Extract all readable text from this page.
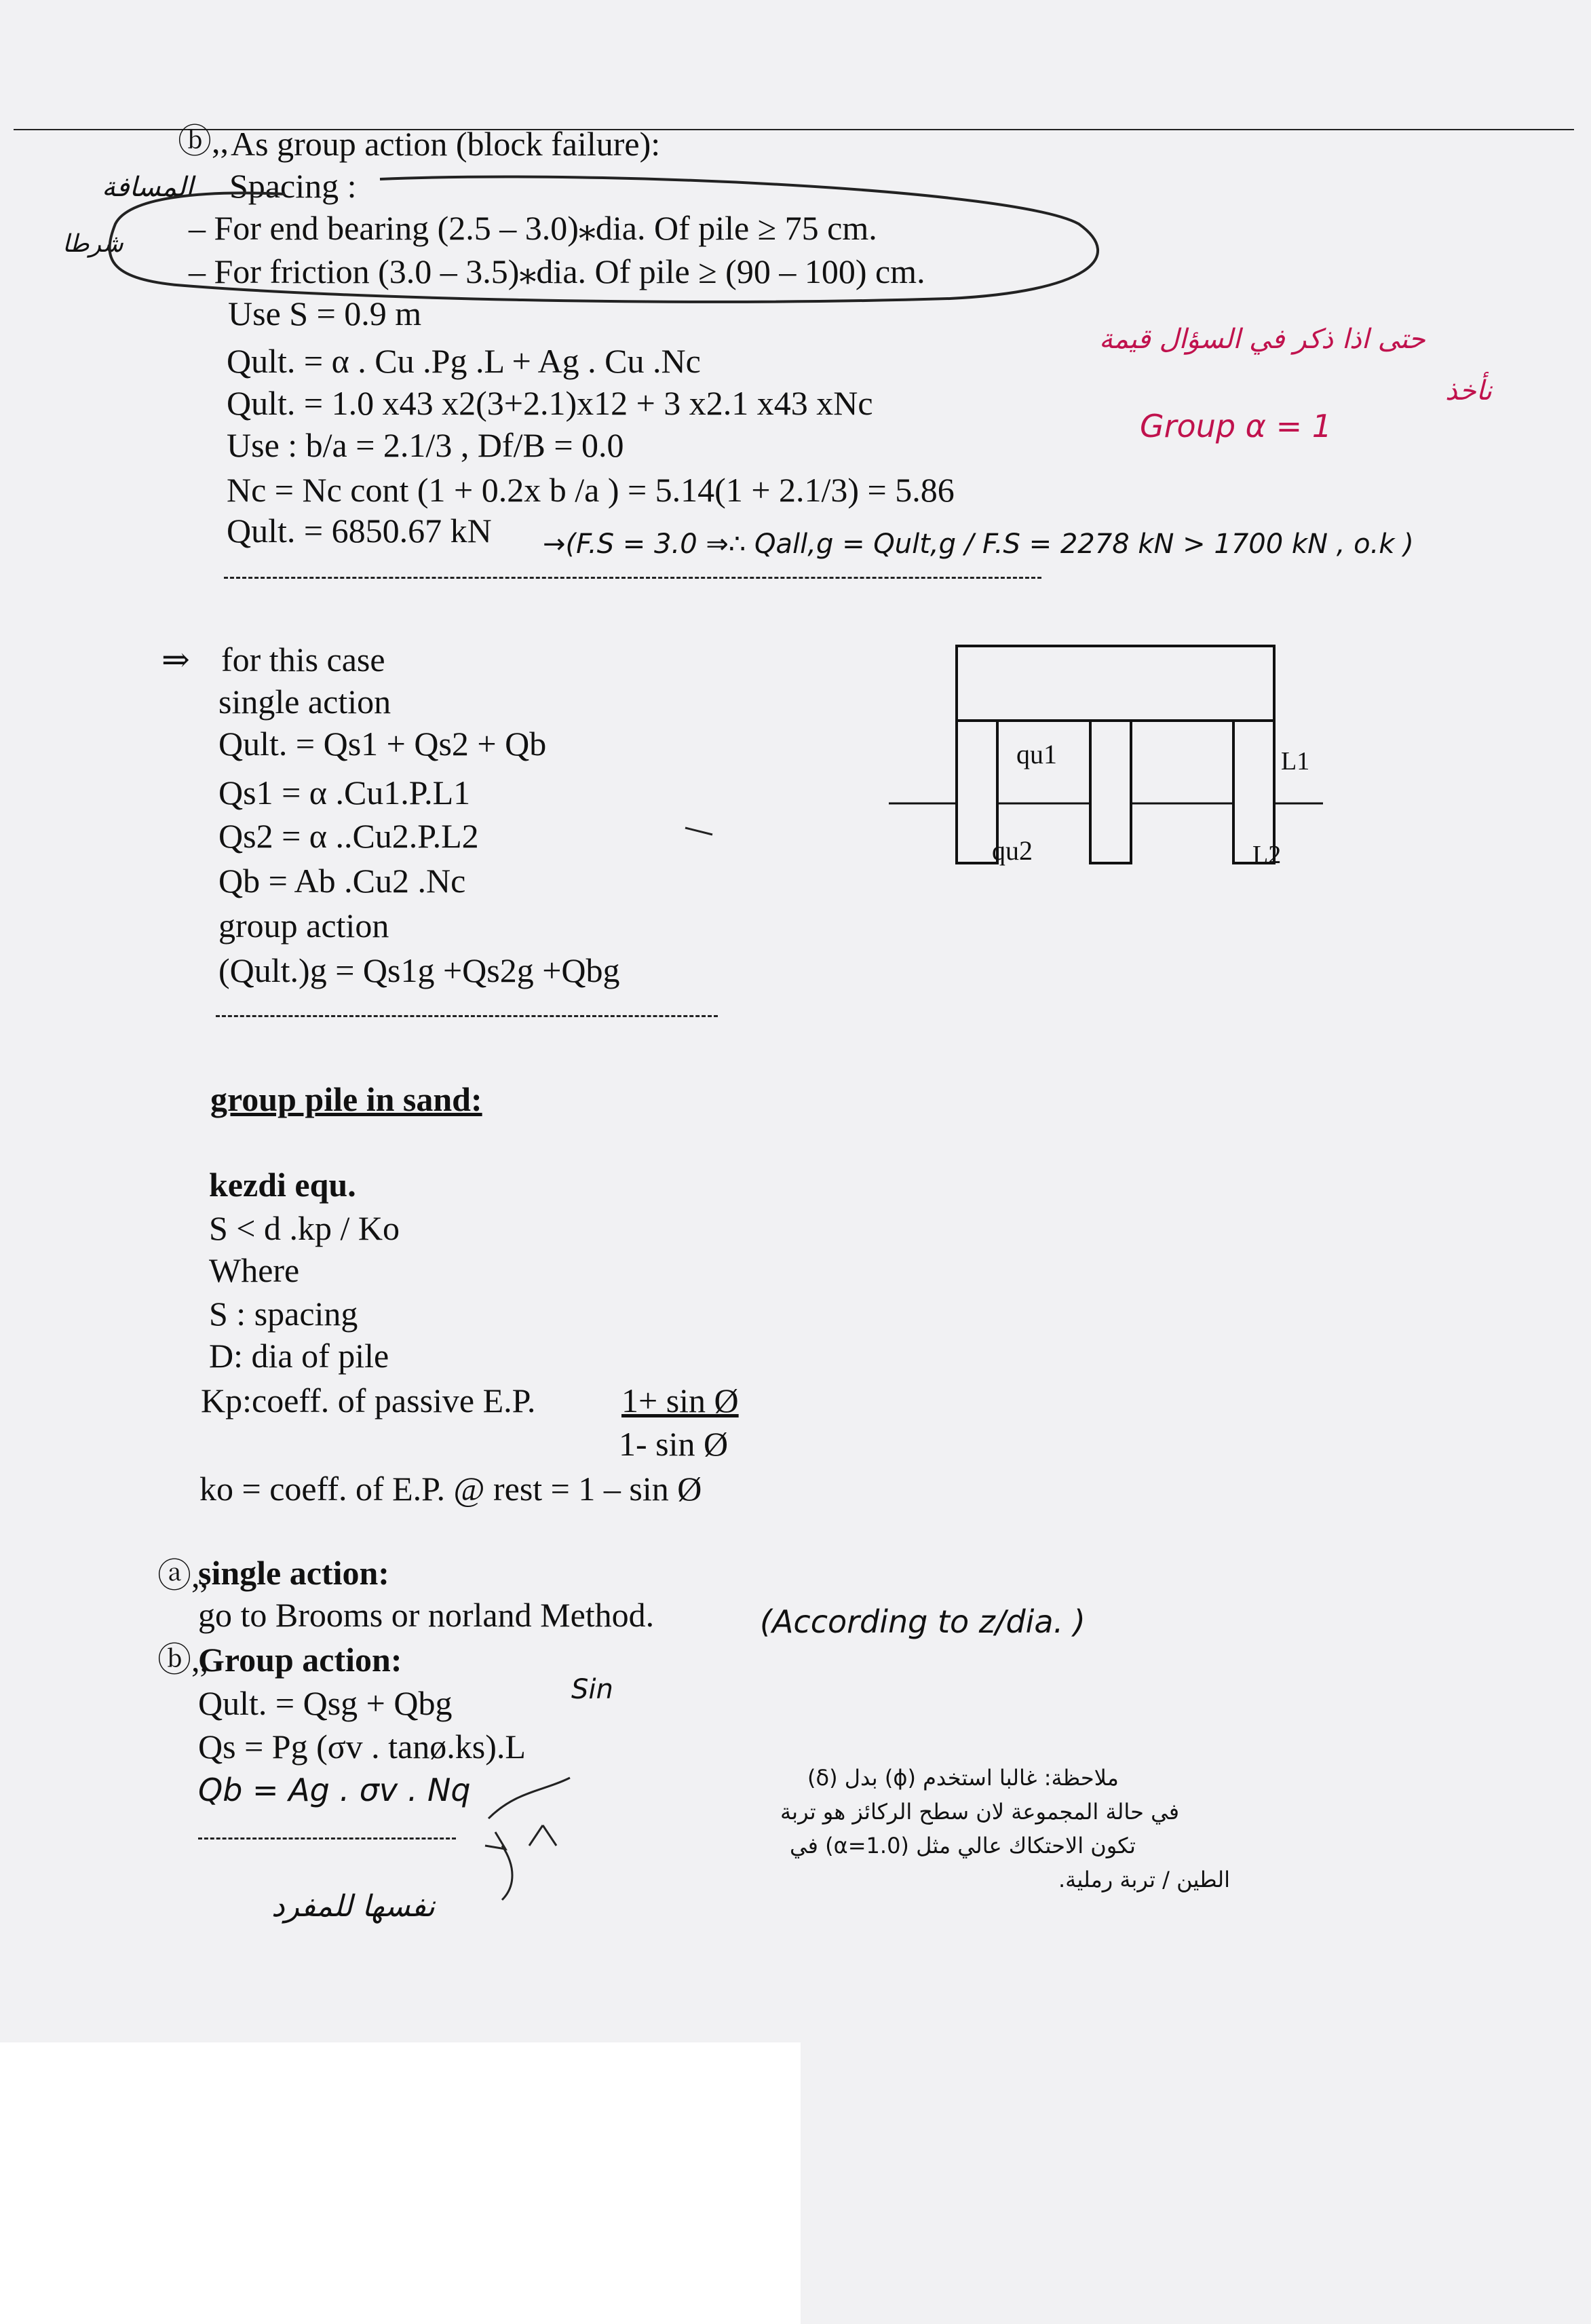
ⓑ,, As group action (block failure):
Spacing :
– For end bearing (2.5 – 3.0)⁎dia. Of pile ≥ 75 cm.
– For friction (3.0 – 3.5)⁎dia. Of pile ≥ (90 – 100) cm.
Use S = 0.9 m
Qult. = α . Cu .Pg .L + Ag . Cu .Nc
Qult. = 1.0 x43 x2(3+2.1)x12 + 3 x2.1 x43 xNc
Use : b/a = 2.1/3 , Df/B = 0.0
Nc = Nc cont (1 + 0.2x b /a ) = 5.14(1 + 2.1/3) = 5.86
Qult. = 6850.67 kN →(F.S = 3.0 ⇒∴ Qall,g = Qult,g / F.S = 2278 kN > 1700 kN , o.k )
المسافة
شرطا
حتى اذا ذكر في السؤال قيمة
نأخذ
Group α = 1
⇒ for this case
single action
Qult. = Qs1 + Qs2 + Qb
Qs1 = α .Cu1.P.L1
Qs2 = α ..Cu2.P.L2
Qb = Ab .Cu2 .Nc
group action
(Qult.)g = Qs1g +Qs2g +Qbg
qu1
qu2
L1
L2
group pile in sand:
kezdi equ.
S < d .kp / Ko
Where
S : spacing
D: dia of pile
Kp:coeff. of passive E.P.	1+ sin Ø
1- sin Ø
ko = coeff. of E.P. @ rest = 1 – sin Ø
ⓐ,,
single action:
go to Brooms or norland Method.	(According to z/dia. )
ⓑ,,
Group action:
Qult. = Qsg + Qbg	Sin
Qs = Pg (σv . tanø.ks).L
Qb = Ag . σv . Nq
نفسها للمفرد
ملاحظة: غالبا استخدم (ϕ) بدل (δ)
في حالة المجموعة لان سطح الركائز هو تربة
تكون الاحتكاك عالي مثل (α=1.0) في
الطين / تربة رملية.
